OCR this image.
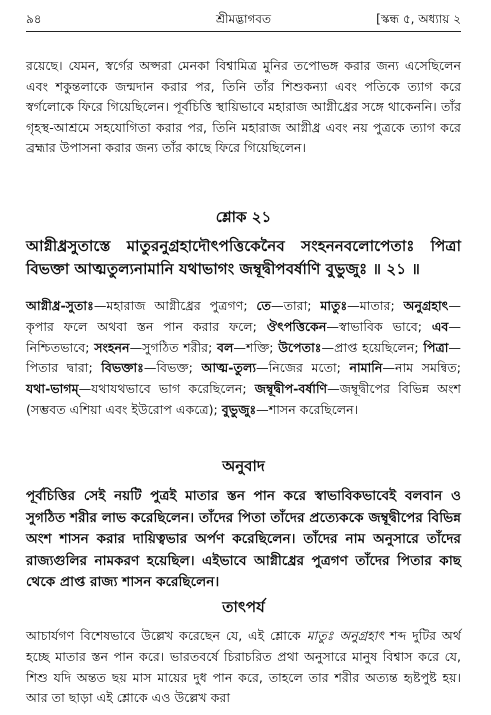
৯৪	শ্রীমদ্ভাগবত	[স্কন্ধ ৫, অধ্যায় ২

রয়েছে। যেমন, স্বর্গের অপ্সরা মেনকা বিশ্বামিত্র মুনির তপোভঙ্গ করার জন্য এসেছিলেন এবং শকুন্তলাকে জন্মদান করার পর, তিনি তাঁর শিশুকন্যা এবং পতিকে ত্যাগ করে স্বর্গলোকে ফিরে গিয়েছিলেন। পূর্বচিত্তি স্থায়িভাবে মহারাজ আগ্নীধ্রের সঙ্গে থাকেননি। তাঁর গৃহস্থ-আশ্রমে সহযোগিতা করার পর, তিনি মহারাজ আগ্নীধ্র এবং নয় পুত্রকে ত্যাগ করে ব্রহ্মার উপাসনা করার জন্য তাঁর কাছে ফিরে গিয়েছিলেন।

শ্লোক ২১

আগ্নীধ্রসুতাস্তে মাতুরনুগ্রহাদৌৎপত্তিকেনৈব সংহননবলোপেতাঃ পিত্রা বিভক্তা আত্মতুল্যনামানি যথাভাগং জম্বূদ্বীপবর্ষাণি বুভুজুঃ ॥ ২১ ॥

আগ্নীধ্র-সুতাঃ—মহারাজ আগ্নীধ্রের পুত্রগণ; তে—তারা; মাতুঃ—মাতার; অনুগ্রহাৎ—কৃপার ফলে অথবা স্তন পান করার ফলে; ঔৎপত্তিকেন—স্বাভাবিক ভাবে; এব—নিশ্চিতভাবে; সংহনন—সুগঠিত শরীর; বল—শক্তি; উপেতাঃ—প্রাপ্ত হয়েছিলেন; পিত্রা—পিতার দ্বারা; বিভক্তাঃ—বিভক্ত; আত্ম-তুল্য—নিজের মতো; নামানি—নাম সমন্বিত; যথা-ভাগম্—যথাযথভাবে ভাগ করেছিলেন; জম্বূদ্বীপ-বর্ষাণি—জম্বূদ্বীপের বিভিন্ন অংশ (সম্ভবত এশিয়া এবং ইউরোপ একত্রে); বুভুজুঃ—শাসন করেছিলেন।

অনুবাদ

পূর্বচিত্তির সেই নয়টি পুত্রই মাতার স্তন পান করে স্বাভাবিকভাবেই বলবান ও সুগঠিত শরীর লাভ করেছিলেন। তাঁদের পিতা তাঁদের প্রত্যেককে জম্বূদ্বীপের বিভিন্ন অংশ শাসন করার দায়িত্বভার অর্পণ করেছিলেন। তাঁদের নাম অনুসারে তাঁদের রাজ্যগুলির নামকরণ হয়েছিল। এইভাবে আগ্নীধ্রের পুত্রগণ তাঁদের পিতার কাছ থেকে প্রাপ্ত রাজ্য শাসন করেছিলেন।

তাৎপর্য

আচার্যগণ বিশেষভাবে উল্লেখ করেছেন যে, এই শ্লোকে মাতুঃ অনুগ্রহাৎ শব্দ দুটির অর্থ হচ্ছে মাতার স্তন পান করে। ভারতবর্ষে চিরাচরিত প্রথা অনুসারে মানুষ বিশ্বাস করে যে, শিশু যদি অন্তত ছয় মাস মায়ের দুধ পান করে, তাহলে তার শরীর অত্যন্ত হৃষ্টপুষ্ট হয়। আর তা ছাড়া এই শ্লোকে এও উল্লেখ করা
